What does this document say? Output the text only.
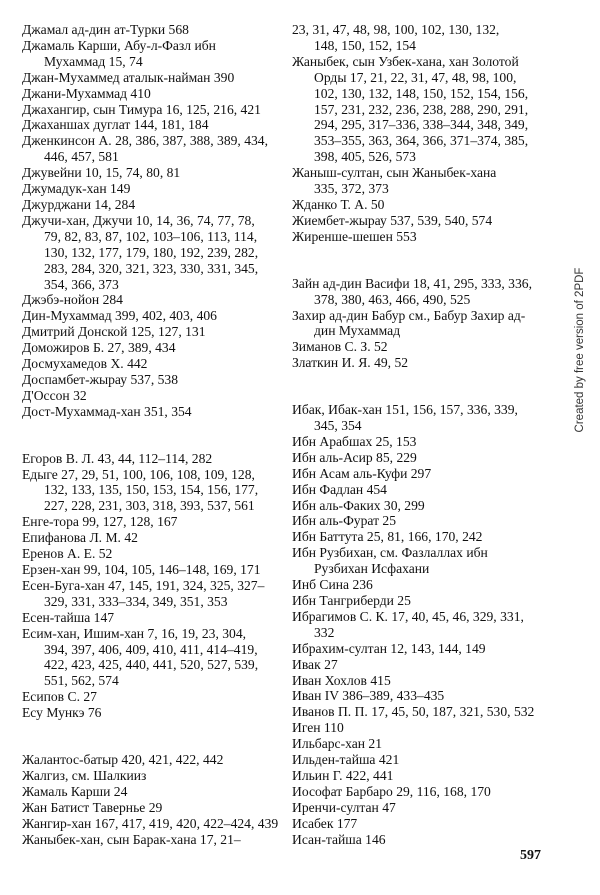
Джамал ад-дин ат-Турки 568
Джамаль Карши, Абу-л-Фазл ибн
Мухаммад 15, 74
Джан-Мухаммед аталык-найман 390
Джани-Мухаммад 410
Джахангир, сын Тимура 16, 125, 216, 421
Джаханшах дуглат 144, 181, 184
Дженкинсон А. 28, 386, 387, 388, 389, 434,
446, 457, 581
Джувейни 10, 15, 74, 80, 81
Джумадук-хан 149
Джурджани 14, 284
Джучи-хан, Джучи 10, 14, 36, 74, 77, 78,
79, 82, 83, 87, 102, 103–106, 113, 114,
130, 132, 177, 179, 180, 192, 239, 282,
283, 284, 320, 321, 323, 330, 331, 345,
354, 366, 373
Джэбэ-нойон 284
Дин-Мухаммад 399, 402, 403, 406
Дмитрий Донской 125, 127, 131
Доможиров Б. 27, 389, 434
Досмухамедов Х. 442
Доспамбет-жырау 537, 538
Д'Оссон 32
Дост-Мухаммад-хан 351, 354
Егоров В. Л. 43, 44, 112–114, 282
Едыге 27, 29, 51, 100, 106, 108, 109, 128,
132, 133, 135, 150, 153, 154, 156, 177,
227, 228, 231, 303, 318, 393, 537, 561
Енге-тора 99, 127, 128, 167
Епифанова Л. М. 42
Еренов А. Е. 52
Ерзен-хан 99, 104, 105, 146–148, 169, 171
Есен-Буга-хан 47, 145, 191, 324, 325, 327–
329, 331, 333–334, 349, 351, 353
Есен-тайша 147
Есим-хан, Ишим-хан 7, 16, 19, 23, 304,
394, 397, 406, 409, 410, 411, 414–419,
422, 423, 425, 440, 441, 520, 527, 539,
551, 562, 574
Есипов С. 27
Есу Мункэ 76
Жалантос-батыр 420, 421, 422, 442
Жалгиз, см. Шалкииз
Жамаль Карши 24
Жан Батист Тавернье 29
Жангир-хан 167, 417, 419, 420, 422–424, 439
Жаныбек-хан, сын Барак-хана 17, 21–
23, 31, 47, 48, 98, 100, 102, 130, 132,
148, 150, 152, 154
Жаныбек, сын Узбек-хана, хан Золотой
Орды 17, 21, 22, 31, 47, 48, 98, 100,
102, 130, 132, 148, 150, 152, 154, 156,
157, 231, 232, 236, 238, 288, 290, 291,
294, 295, 317–336, 338–344, 348, 349,
353–355, 363, 364, 366, 371–374, 385,
398, 405, 526, 573
Жаныш-султан, сын Жаныбек-хана
335, 372, 373
Жданко Т. А. 50
Жиембет-жырау 537, 539, 540, 574
Жиренше-шешен 553
Зайн ад-дин Васифи 18, 41, 295, 333, 336,
378, 380, 463, 466, 490, 525
Захир ад-дин Бабур см., Бабур Захир ад-
дин Мухаммад
Зиманов С. З. 52
Златкин И. Я. 49, 52
Ибак, Ибак-хан 151, 156, 157, 336, 339,
345, 354
Ибн Арабшах 25, 153
Ибн аль-Асир 85, 229
Ибн Асам аль-Куфи 297
Ибн Фадлан 454
Ибн аль-Факих 30, 299
Ибн аль-Фурат 25
Ибн Баттута 25, 81, 166, 170, 242
Ибн Рузбихан, см. Фазлаллах ибн
Рузбихан Исфахани
Инб Сина 236
Ибн Тангриберди 25
Ибрагимов С. К. 17, 40, 45, 46, 329, 331,
332
Ибрахим-султан 12, 143, 144, 149
Ивак 27
Иван Хохлов 415
Иван IV 386–389, 433–435
Иванов П. П. 17, 45, 50, 187, 321, 530, 532
Иген 110
Ильбарс-хан 21
Ильден-тайша 421
Ильин Г. 422, 441
Иософат Барбаро 29, 116, 168, 170
Иренчи-султан 47
Исабек 177
Исан-тайша 146
Created by free version of 2PDF
597
